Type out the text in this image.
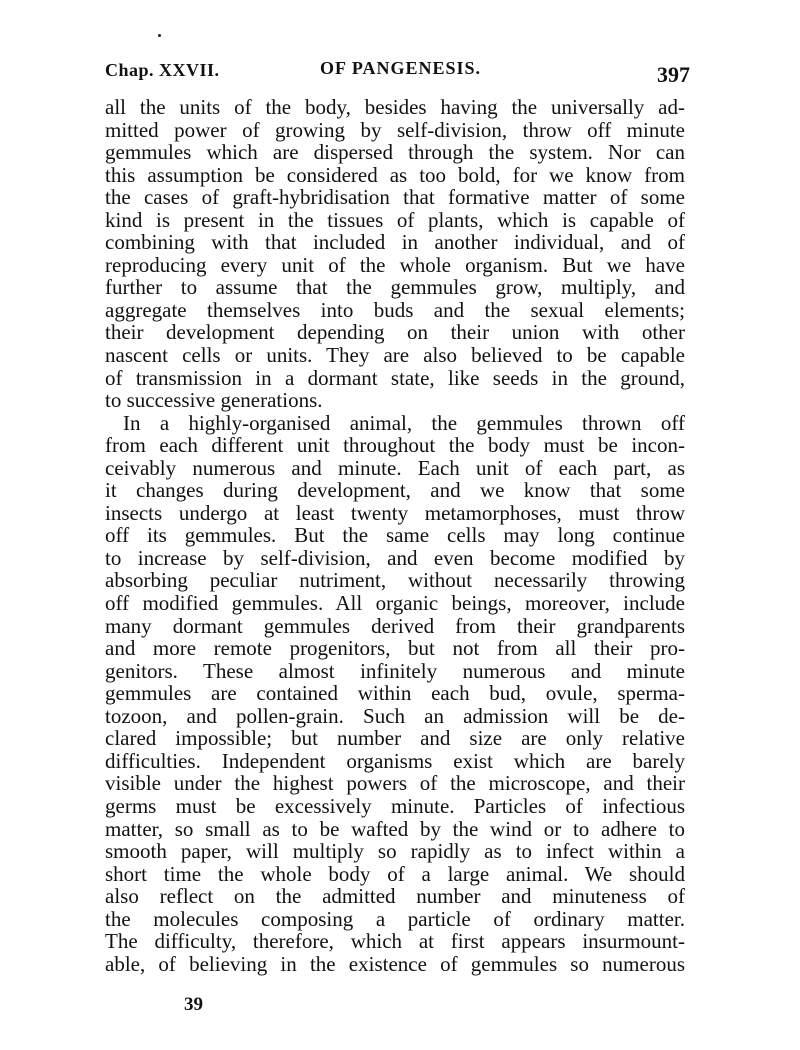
Chap. XXVII.	OF PANGENESIS.	397
all the units of the body, besides having the universally ad-
mitted power of growing by self-division, throw off minute
gemmules which are dispersed through the system. Nor can
this assumption be considered as too bold, for we know from
the cases of graft-hybridisation that formative matter of some
kind is present in the tissues of plants, which is capable of
combining with that included in another individual, and of
reproducing every unit of the whole organism. But we have
further to assume that the gemmules grow, multiply, and
aggregate themselves into buds and the sexual elements;
their development depending on their union with other
nascent cells or units. They are also believed to be capable
of transmission in a dormant state, like seeds in the ground,
to successive generations.
In a highly-organised animal, the gemmules thrown off
from each different unit throughout the body must be incon-
ceivably numerous and minute. Each unit of each part, as
it changes during development, and we know that some
insects undergo at least twenty metamorphoses, must throw
off its gemmules. But the same cells may long continue
to increase by self-division, and even become modified by
absorbing peculiar nutriment, without necessarily throwing
off modified gemmules. All organic beings, moreover, include
many dormant gemmules derived from their grandparents
and more remote progenitors, but not from all their pro-
genitors. These almost infinitely numerous and minute
gemmules are contained within each bud, ovule, sperma-
tozoon, and pollen-grain. Such an admission will be de-
clared impossible; but number and size are only relative
difficulties. Independent organisms exist which are barely
visible under the highest powers of the microscope, and their
germs must be excessively minute. Particles of infectious
matter, so small as to be wafted by the wind or to adhere to
smooth paper, will multiply so rapidly as to infect within a
short time the whole body of a large animal. We should
also reflect on the admitted number and minuteness of
the molecules composing a particle of ordinary matter.
The difficulty, therefore, which at first appears insurmount-
able, of believing in the existence of gemmules so numerous
39
